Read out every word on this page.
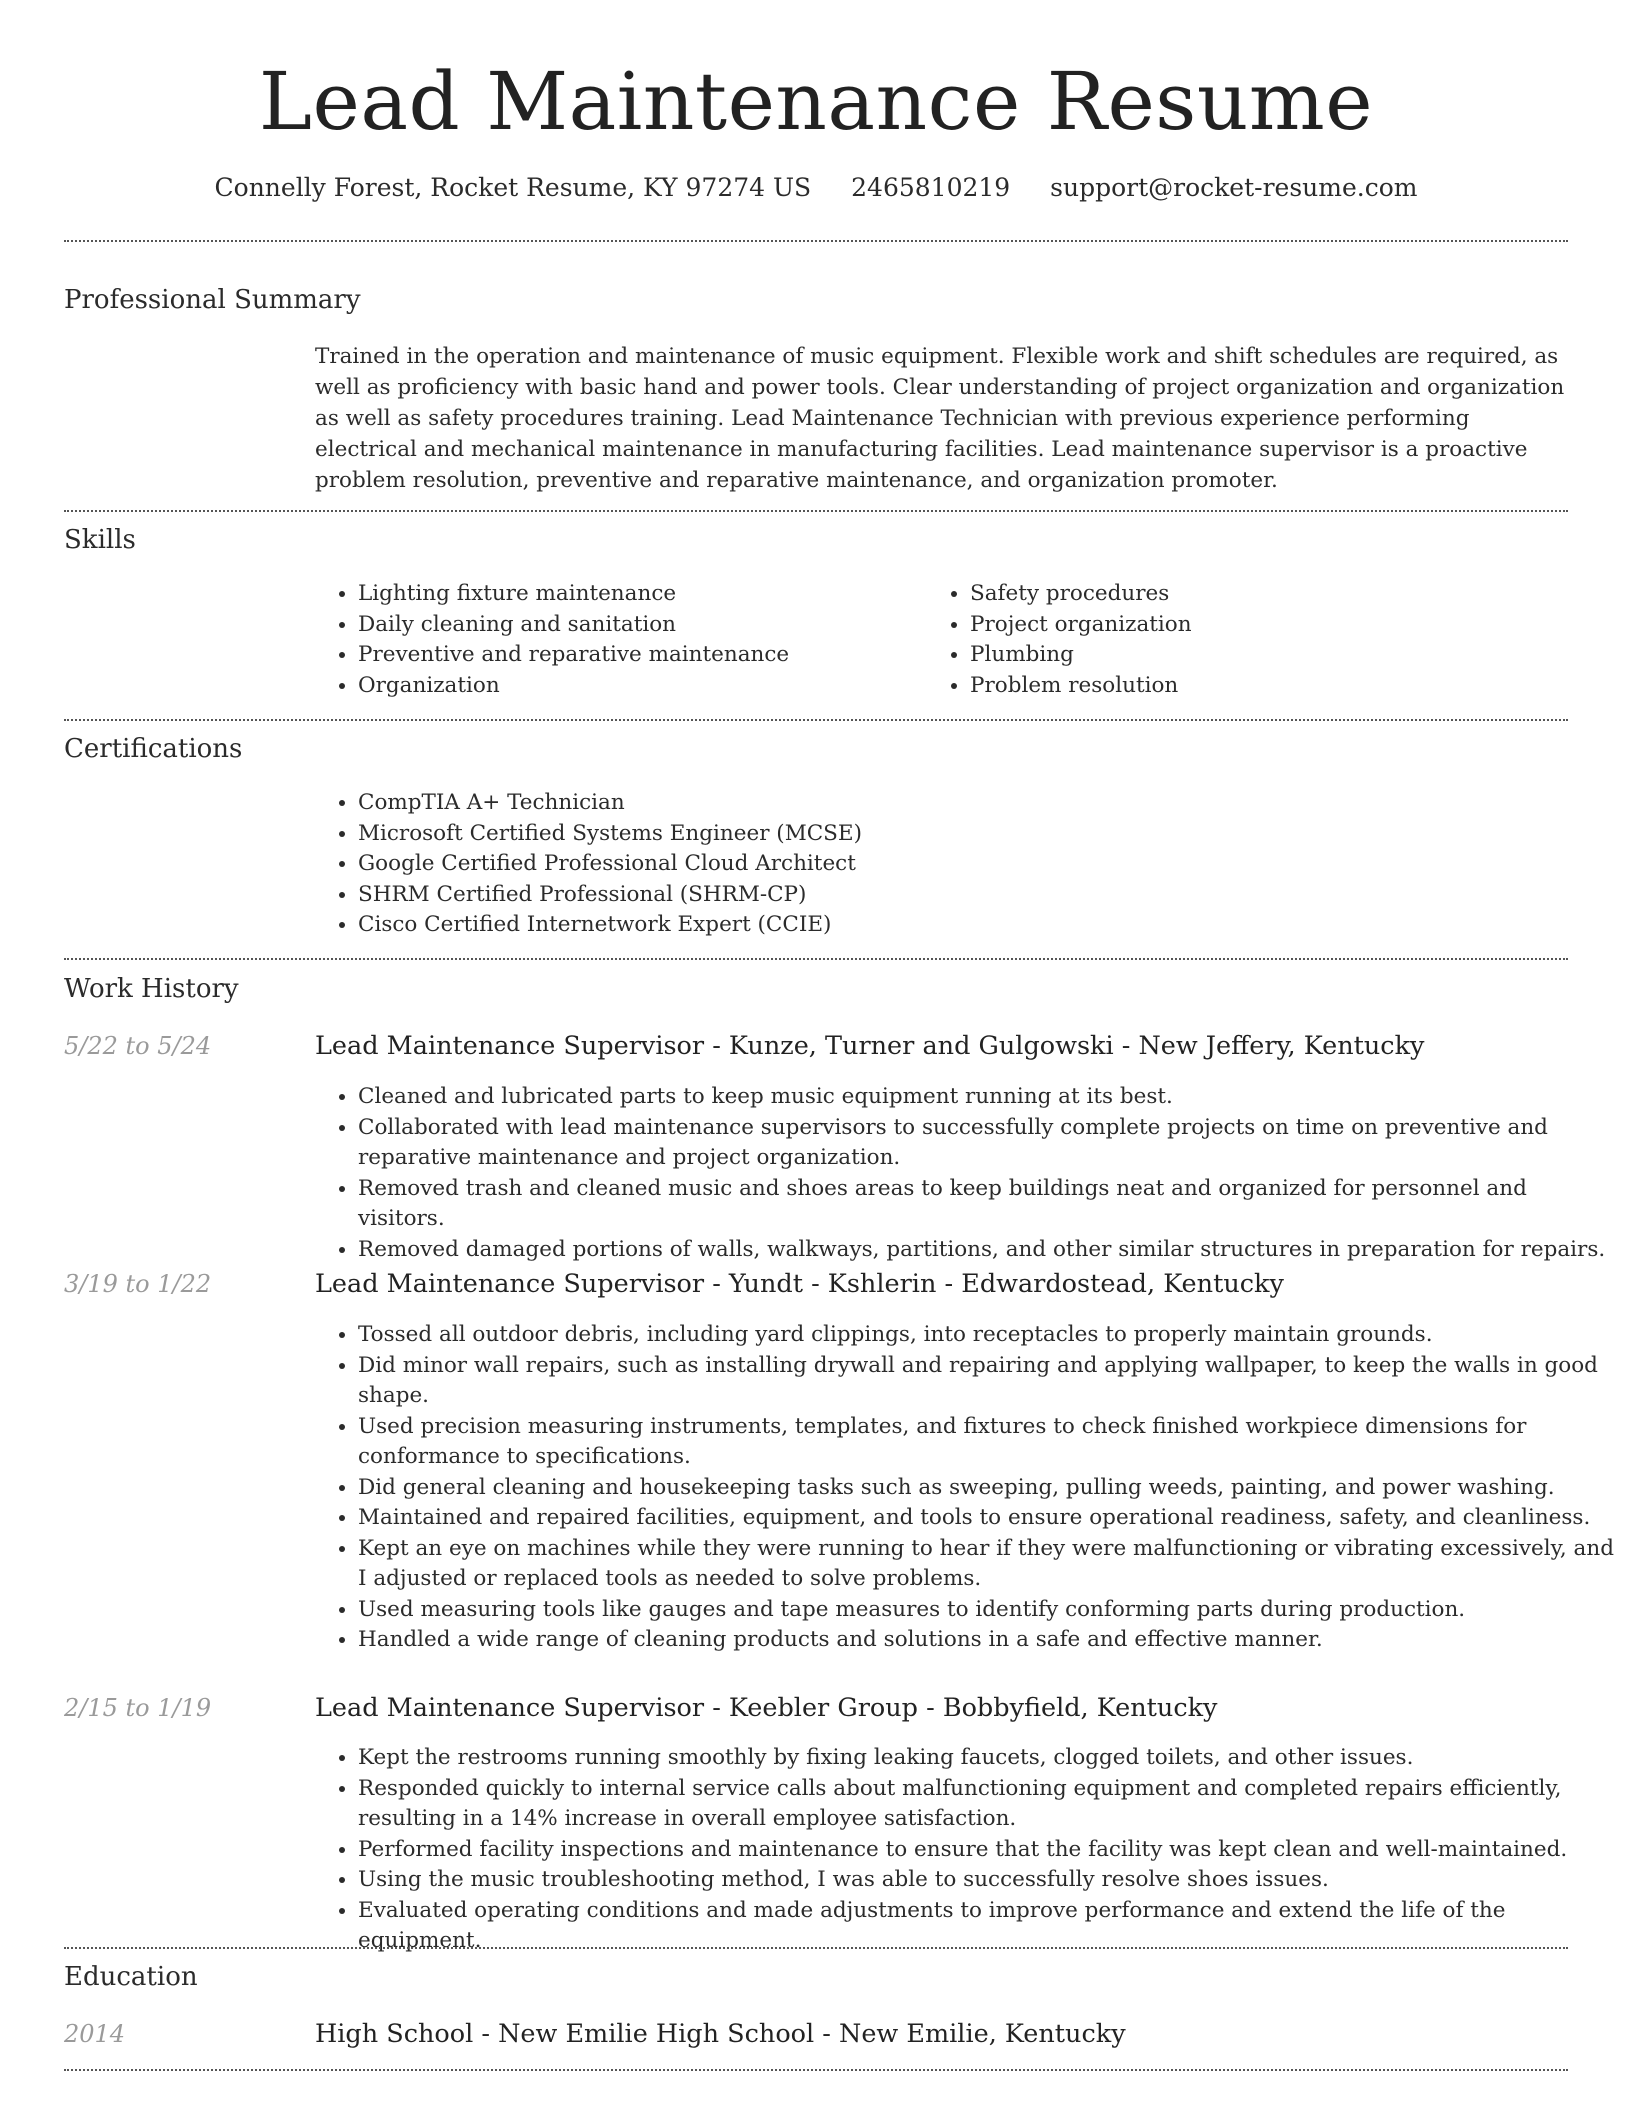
Lead Maintenance Resume
Connelly Forest, Rocket Resume, KY 97274 US 2465810219 support@rocket-resume.com
Professional Summary

Trained in the operation and maintenance of music equipment. Flexible work and shift schedules are required, as well as proficiency with basic hand and power tools. Clear understanding of project organization and organization as well as safety procedures training. Lead Maintenance Technician with previous experience performing electrical and mechanical maintenance in manufacturing facilities. Lead maintenance supervisor is a proactive problem resolution, preventive and reparative maintenance, and organization promoter.

Skills
• Lighting fixture maintenance
• Daily cleaning and sanitation
• Preventive and reparative maintenance
• Organization
• Safety procedures
• Project organization
• Plumbing
• Problem resolution
Certifications
• CompTIA A+ Technician
• Microsoft Certified Systems Engineer (MCSE)
• Google Certified Professional Cloud Architect
• SHRM Certified Professional (SHRM-CP)
• Cisco Certified Internetwork Expert (CCIE)
Work History
5/22 to 5/24	Lead Maintenance Supervisor - Kunze, Turner and Gulgowski - New Jeffery, Kentucky
• Cleaned and lubricated parts to keep music equipment running at its best.
• Collaborated with lead maintenance supervisors to successfully complete projects on time on preventive and reparative maintenance and project organization.
• Removed trash and cleaned music and shoes areas to keep buildings neat and organized for personnel and visitors.
• Removed damaged portions of walls, walkways, partitions, and other similar structures in preparation for repairs.
3/19 to 1/22	Lead Maintenance Supervisor - Yundt - Kshlerin - Edwardostead, Kentucky
• Tossed all outdoor debris, including yard clippings, into receptacles to properly maintain grounds.
• Did minor wall repairs, such as installing drywall and repairing and applying wallpaper, to keep the walls in good shape.
• Used precision measuring instruments, templates, and fixtures to check finished workpiece dimensions for conformance to specifications.
• Did general cleaning and housekeeping tasks such as sweeping, pulling weeds, painting, and power washing.
• Maintained and repaired facilities, equipment, and tools to ensure operational readiness, safety, and cleanliness.
• Kept an eye on machines while they were running to hear if they were malfunctioning or vibrating excessively, and I adjusted or replaced tools as needed to solve problems.
• Used measuring tools like gauges and tape measures to identify conforming parts during production.
• Handled a wide range of cleaning products and solutions in a safe and effective manner.
2/15 to 1/19	Lead Maintenance Supervisor - Keebler Group - Bobbyfield, Kentucky
• Kept the restrooms running smoothly by fixing leaking faucets, clogged toilets, and other issues.
• Responded quickly to internal service calls about malfunctioning equipment and completed repairs efficiently, resulting in a 14% increase in overall employee satisfaction.
• Performed facility inspections and maintenance to ensure that the facility was kept clean and well-maintained.
• Using the music troubleshooting method, I was able to successfully resolve shoes issues.
• Evaluated operating conditions and made adjustments to improve performance and extend the life of the equipment.
Education
2014	High School - New Emilie High School - New Emilie, Kentucky
